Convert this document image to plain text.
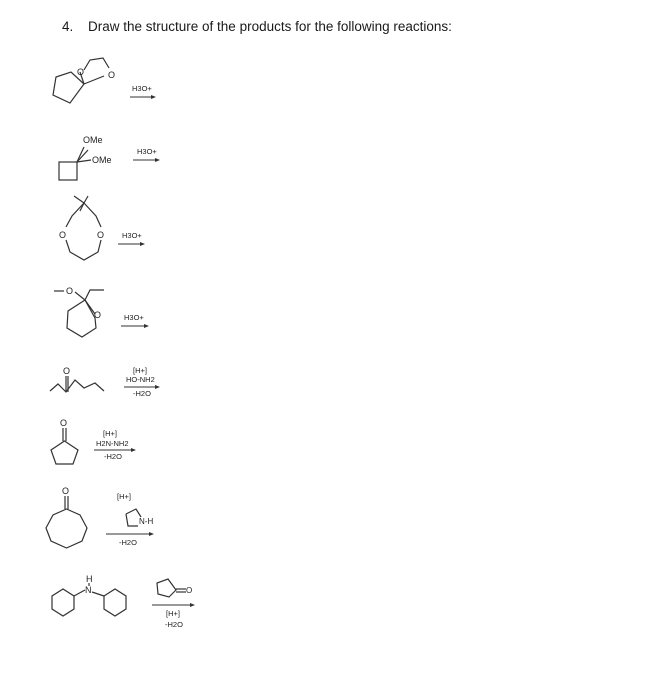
4. Draw the structure of the products for the following reactions:
O	O
H3O+
OMe
OMe
H3O+
O	O H3O+
O
O	H3O+
O	[H+]
HO-NH2
-H2O
O
[H+]
H2N-NH2
-H2O
O
[H+]
N-H
-H2O
N
H
O
[H+]
-H2O
